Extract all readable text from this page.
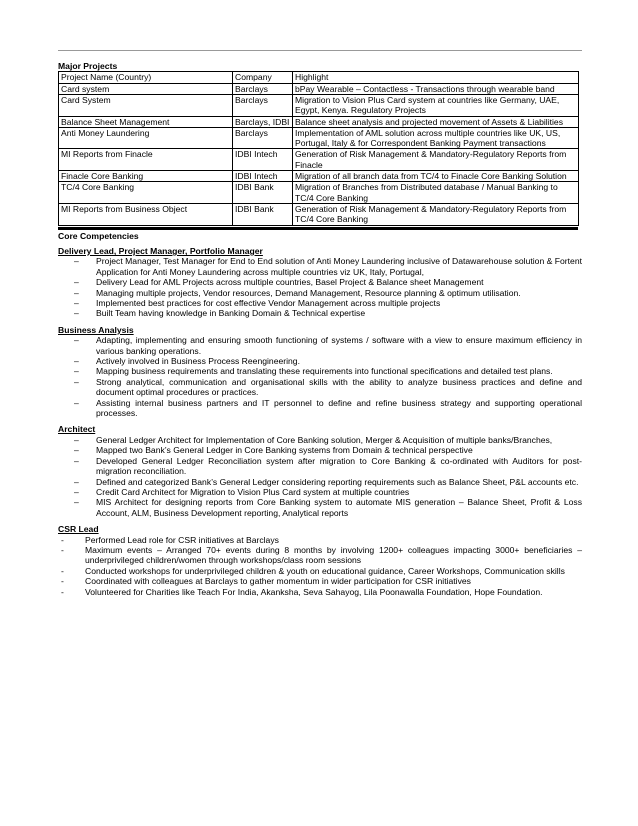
Major Projects
Project Name (Country)	Company	Highlight
Card system	Barclays	bPay Wearable – Contactless - Transactions through wearable band
Card System	Barclays	Migration to Vision Plus Card system at countries like Germany, UAE, Egypt, Kenya. Regulatory Projects
Balance Sheet Management	Barclays, IDBI	Balance sheet analysis and projected movement of Assets & Liabilities
Anti Money Laundering	Barclays	Implementation of AML solution across multiple countries like UK, US, Portugal, Italy & for Correspondent Banking Payment transactions
MI Reports from Finacle	IDBI Intech	Generation of Risk Management & Mandatory-Regulatory Reports from Finacle
Finacle Core Banking	IDBI Intech	Migration of all branch data from TC/4 to Finacle Core Banking Solution
TC/4 Core Banking	IDBI Bank	Migration of Branches from Distributed database / Manual Banking to TC/4 Core Banking
MI Reports from Business Object	IDBI Bank	Generation of Risk Management & Mandatory-Regulatory Reports from TC/4 Core Banking
Core Competencies
Delivery Lead, Project Manager, Portfolio Manager
– Project Manager, Test Manager for End to End solution of Anti Money Laundering inclusive of Datawarehouse solution & Fortent Application for Anti Money Laundering across multiple countries viz UK, Italy, Portugal,
– Delivery Lead for AML Projects across multiple countries, Basel Project & Balance sheet Management
– Managing multiple projects, Vendor resources, Demand Management, Resource planning & optimum utilisation.
– Implemented best practices for cost effective Vendor Management across multiple projects
– Built Team having knowledge in Banking Domain & Technical expertise
Business Analysis
– Adapting, implementing and ensuring smooth functioning of systems / software with a view to ensure maximum efficiency in various banking operations.
– Actively involved in Business Process Reengineering.
– Mapping business requirements and translating these requirements into functional specifications and detailed test plans.
– Strong analytical, communication and organisational skills with the ability to analyze business practices and define and document optimal procedures or practices.
– Assisting internal business partners and IT personnel to define and refine business strategy and supporting operational processes.
Architect
– General Ledger Architect for Implementation of Core Banking solution, Merger & Acquisition of multiple banks/Branches,
– Mapped two Bank’s General Ledger in Core Banking systems from Domain & technical perspective
– Developed General Ledger Reconciliation system after migration to Core Banking & co-ordinated with Auditors for post-migration reconciliation.
– Defined and categorized Bank’s General Ledger considering reporting requirements such as Balance Sheet, P&L accounts etc.
– Credit Card Architect for Migration to Vision Plus Card system at multiple countries
– MIS Architect for designing reports from Core Banking system to automate MIS generation – Balance Sheet, Profit & Loss Account, ALM, Business Development reporting, Analytical reports
CSR Lead
- Performed Lead role for CSR initiatives at Barclays
- Maximum events – Arranged 70+ events during 8 months by involving 1200+ colleagues impacting 3000+ beneficiaries – underprivileged children/women through workshops/class room sessions
- Conducted workshops for underprivileged children & youth on educational guidance, Career Workshops, Communication skills
- Coordinated with colleagues at Barclays to gather momentum in wider participation for CSR initiatives
- Volunteered for Charities like Teach For India, Akanksha, Seva Sahayog, Lila Poonawalla Foundation, Hope Foundation.
